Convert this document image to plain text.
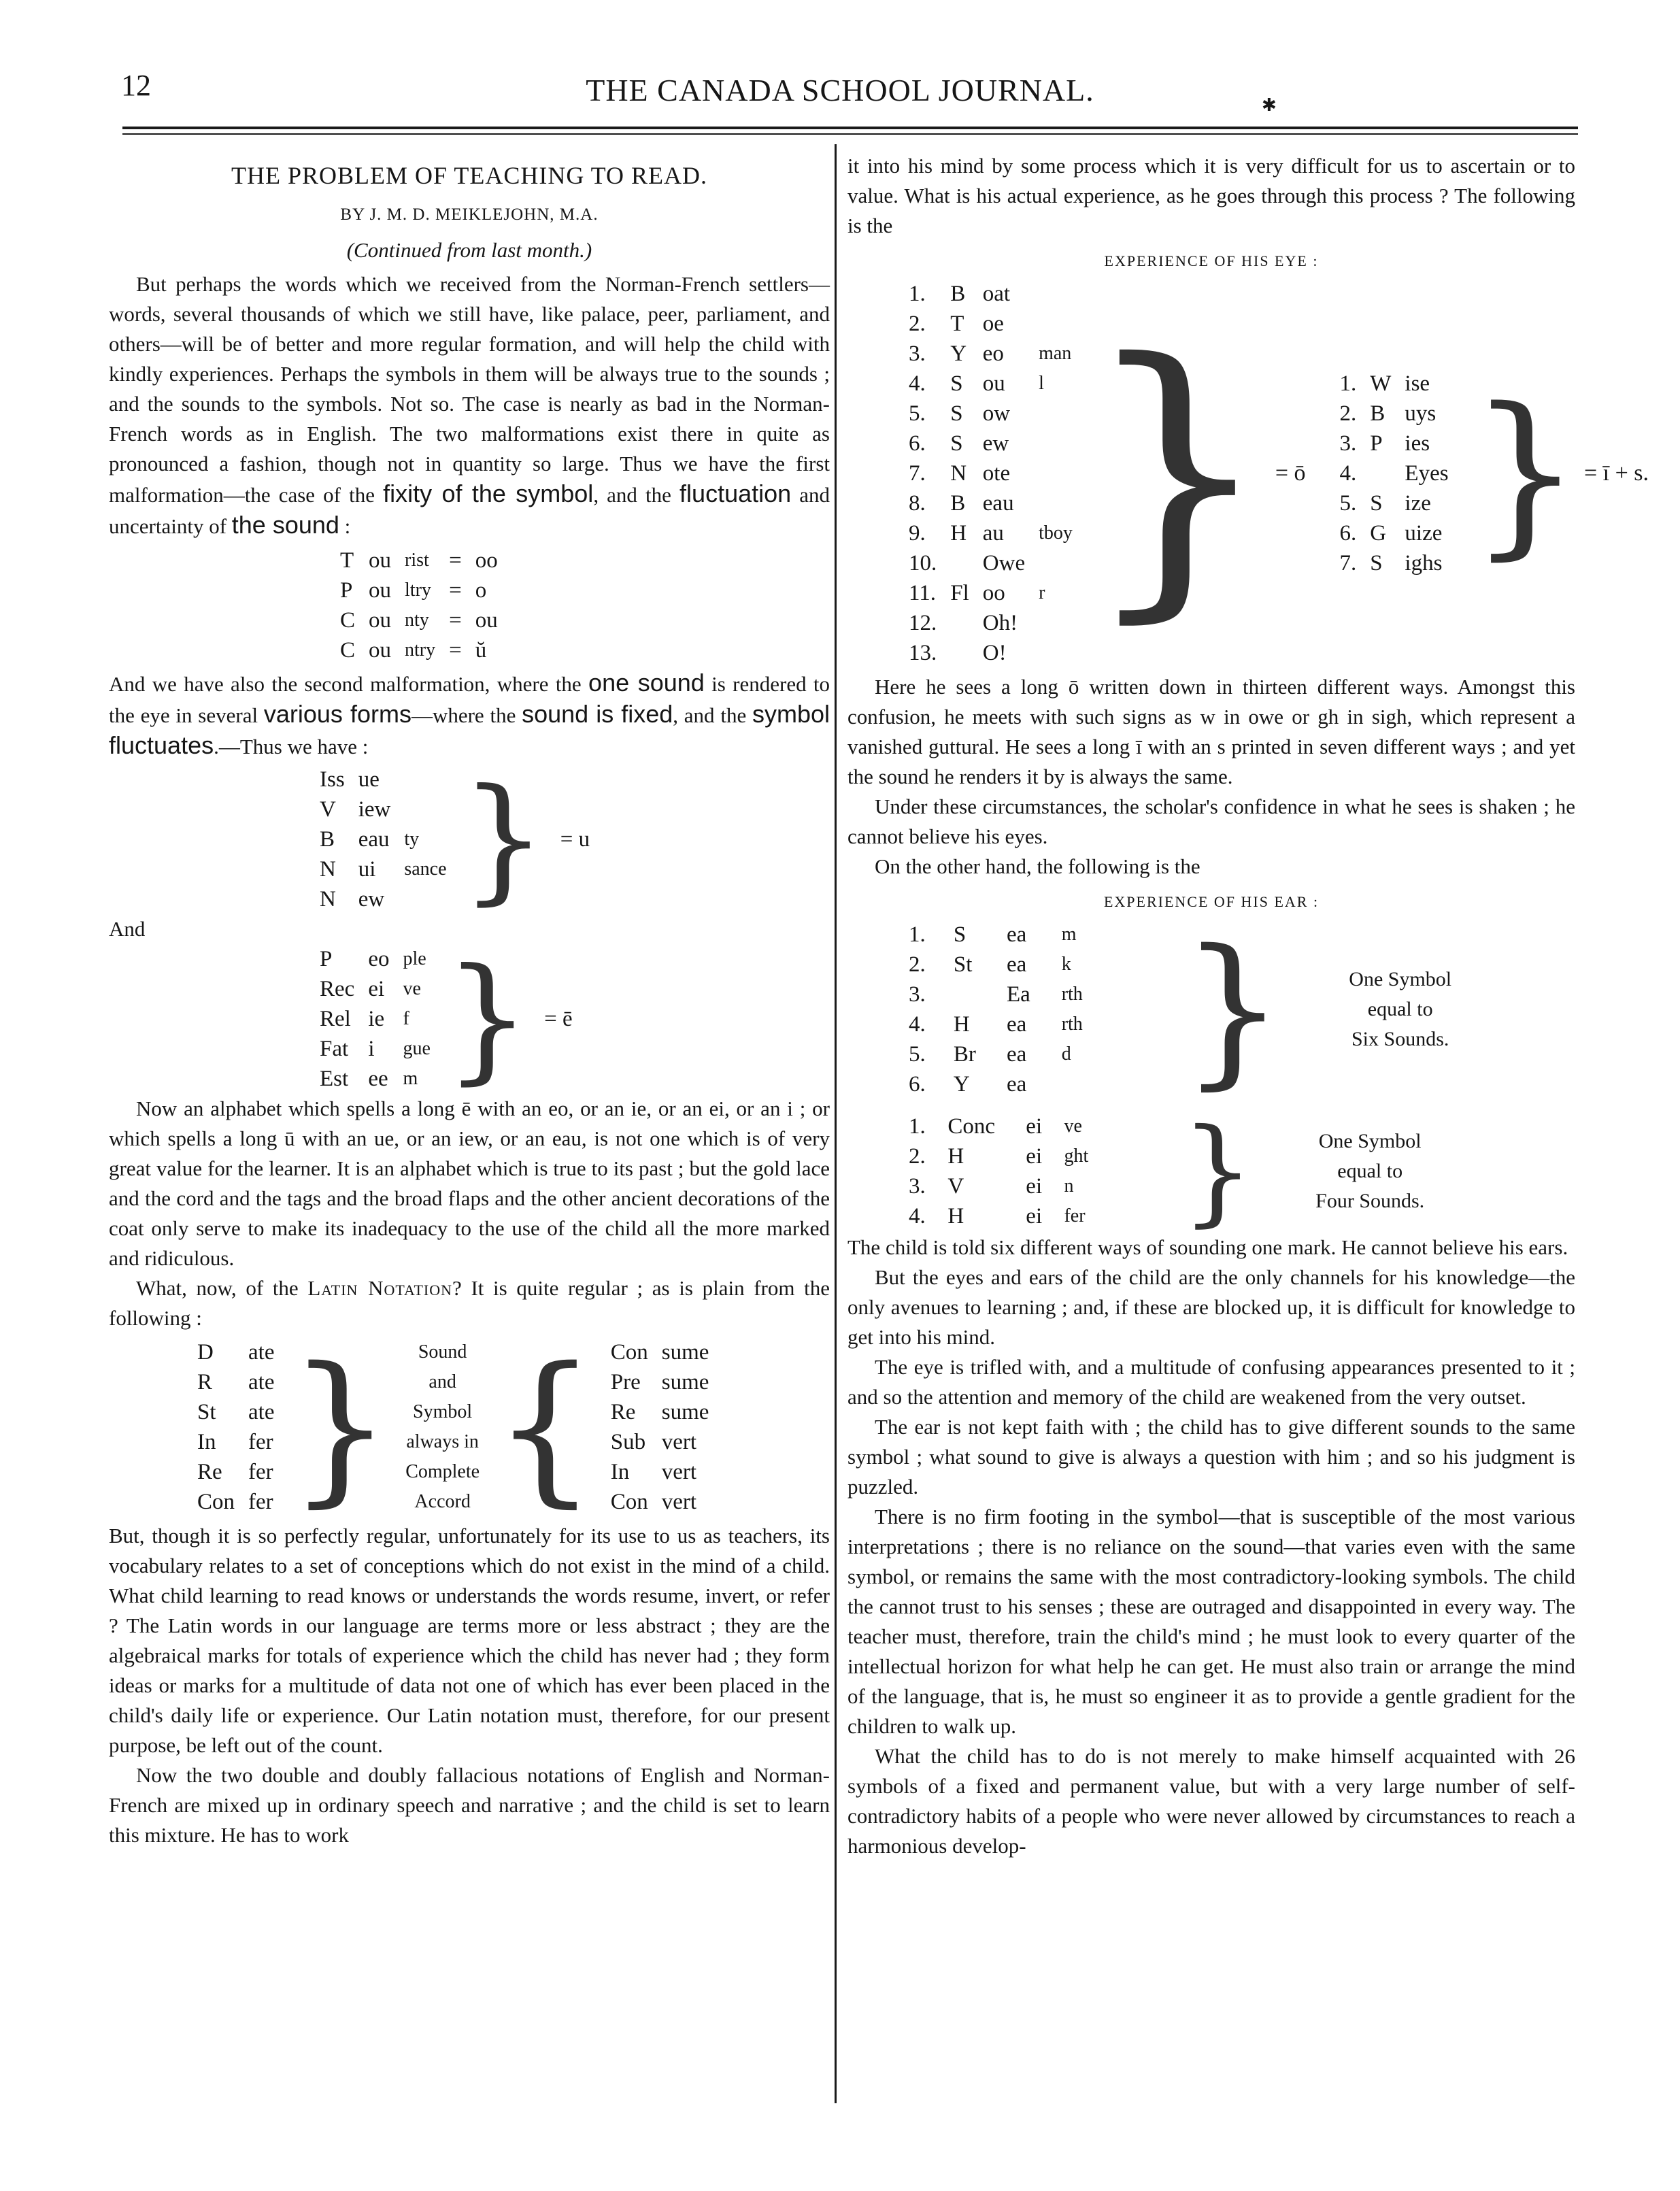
12	THE CANADA SCHOOL JOURNAL.	✱
THE PROBLEM OF TEACHING TO READ.
BY J. M. D. MEIKLEJOHN, M.A.
(Continued from last month.)

But perhaps the words which we received from the Norman-French settlers—words, several thousands of which we still have, like palace, peer, parliament, and others—will be of better and more regular formation, and will help the child with kindly experiences. Perhaps the symbols in them will be always true to the sounds ; and the sounds to the symbols. Not so. The case is nearly as bad in the Norman-French words as in English. The two malformations exist there in quite as pronounced a fashion, though not in quantity so large. Thus we have the first malformation—the case of the fixity of the symbol, and the fluctuation and uncertainty of the sound :

T	ou	rist	=	oo
P	ou	ltry	=	o
C	ou	nty	=	ou
C	ou	ntry	=	ŭ

And we have also the second malformation, where the one sound is rendered to the eye in several various forms—where the sound is fixed, and the symbol fluctuates.—Thus we have :

Iss	ue		}	= u
V	iew			
B	eau	ty		
N	ui	sance		
N	ew			
And
P	eo	ple	}	= ē
Rec	ei	ve		
Rel	ie	f		
Fat	i	gue		
Est	ee	m		

Now an alphabet which spells a long ē with an eo, or an ie, or an ei, or an i ; or which spells a long ū with an ue, or an iew, or an eau, is not one which is of very great value for the learner. It is an alphabet which is true to its past ; but the gold lace and the cord and the tags and the broad flaps and the other ancient decorations of the coat only serve to make its inadequacy to the use of the child all the more marked and ridiculous.

What, now, of the Latin Notation? It is quite regular ; as is plain from the following :

D	ate	}	Sound	{	Con	sume
R	ate		and		Pre	sume
St	ate		Symbol		Re	sume
In	fer		always in		Sub	vert
Re	fer		Complete		In	vert
Con	fer		Accord		Con	vert

But, though it is so perfectly regular, unfortunately for its use to us as teachers, its vocabulary relates to a set of conceptions which do not exist in the mind of a child. What child learning to read knows or understands the words resume, invert, or refer ? The Latin words in our language are terms more or less abstract ; they are the algebraical marks for totals of experience which the child has never had ; they form ideas or marks for a multitude of data not one of which has ever been placed in the child's daily life or experience. Our Latin notation must, therefore, for our present purpose, be left out of the count.

Now the two double and doubly fallacious notations of English and Norman-French are mixed up in ordinary speech and narrative ; and the child is set to learn this mixture. He has to work

it into his mind by some process which it is very difficult for us to ascertain or to value. What is his actual experience, as he goes through this process ? The following is the

EXPERIENCE OF HIS EYE :
1.	B	oat	
2.	T	oe	
3.	Y	eo	man
4.	S	ou	l
5.	S	ow	
6.	S	ew	
7.	N	ote	
8.	B	eau	
9.	H	au	tboy
10.		Owe	
11.	Fl	oo	r
12.		Oh!	
13.		O!	
} = ō
1.	W	ise
2.	B	uys
3.	P	ies
4.		Eyes
5.	S	ize
6.	G	uize
7.	S	ighs } = ī + s.

Here he sees a long ō written down in thirteen different ways. Amongst this confusion, he meets with such signs as w in owe or gh in sigh, which represent a vanished guttural. He sees a long ī with an s printed in seven different ways ; and yet the sound he renders it by is always the same.

Under these circumstances, the scholar's confidence in what he sees is shaken ; he cannot believe his eyes.

On the other hand, the following is the

EXPERIENCE OF HIS EAR :
1.	S	ea	m
2.	St	ea	k
3.		Ea	rth
4.	H	ea	rth
5.	Br	ea	d
6.	Y	ea	}	One Symbol
equal to
Six Sounds.
1.	Conc	ei	ve
2.	H	ei	ght
3.	V	ei	n
4.	H	ei	fer }	One Symbol
equal to
Four Sounds.

The child is told six different ways of sounding one mark. He cannot believe his ears.

But the eyes and ears of the child are the only channels for his knowledge—the only avenues to learning ; and, if these are blocked up, it is difficult for knowledge to get into his mind.

The eye is trifled with, and a multitude of confusing appearances presented to it ; and so the attention and memory of the child are weakened from the very outset.

The ear is not kept faith with ; the child has to give different sounds to the same symbol ; what sound to give is always a question with him ; and so his judgment is puzzled.

There is no firm footing in the symbol—that is susceptible of the most various interpretations ; there is no reliance on the sound—that varies even with the same symbol, or remains the same with the most contradictory-looking symbols. The child the cannot trust to his senses ; these are outraged and disappointed in every way. The teacher must, therefore, train the child's mind ; he must look to every quarter of the intellectual horizon for what help he can get. He must also train or arrange the mind of the language, that is, he must so engineer it as to provide a gentle gradient for the children to walk up.

What the child has to do is not merely to make himself acquainted with 26 symbols of a fixed and permanent value, but with a very large number of self-contradictory habits of a people who were never allowed by circumstances to reach a harmonious develop-
